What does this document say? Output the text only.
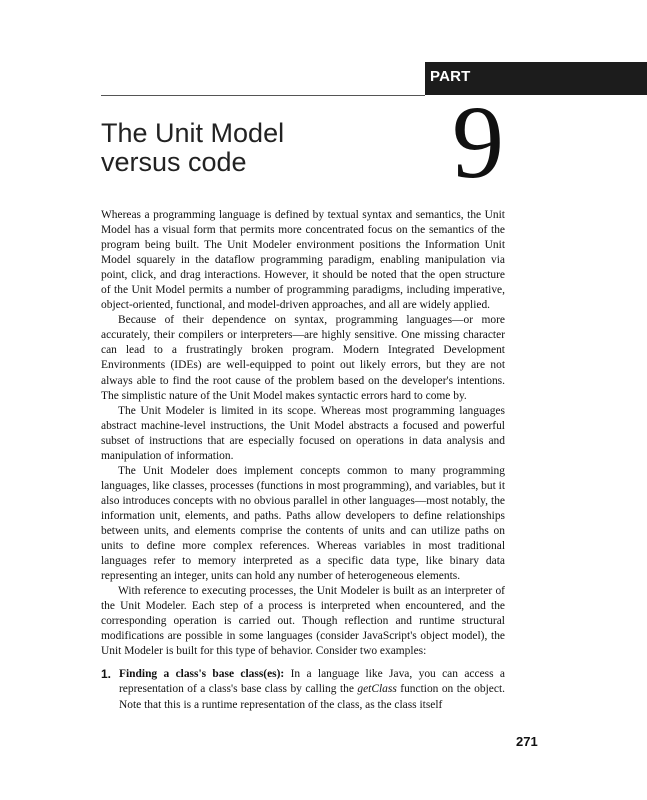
PART
The Unit Model
versus code	9

Whereas a programming language is defined by textual syntax and semantics, the Unit Model has a visual form that permits more concentrated focus on the semantics of the program being built. The Unit Modeler environment positions the Information Unit Model squarely in the dataflow programming paradigm, enabling manipulation via point, click, and drag interactions. However, it should be noted that the open structure of the Unit Model permits a number of programming paradigms, including imperative, object-oriented, functional, and model-driven approaches, and all are widely applied.

Because of their dependence on syntax, programming languages—or more accurately, their compilers or interpreters—are highly sensitive. One missing character can lead to a frustratingly broken program. Modern Integrated Development Environments (IDEs) are well-equipped to point out likely errors, but they are not always able to find the root cause of the problem based on the developer's intentions. The simplistic nature of the Unit Model makes syntactic errors hard to come by.

The Unit Modeler is limited in its scope. Whereas most programming languages abstract machine-level instructions, the Unit Model abstracts a focused and powerful subset of instructions that are especially focused on operations in data analysis and manipulation of information.

The Unit Modeler does implement concepts common to many programming languages, like classes, processes (functions in most programming), and variables, but it also introduces concepts with no obvious parallel in other languages—most notably, the information unit, elements, and paths. Paths allow developers to define relationships between units, and elements comprise the contents of units and can utilize paths on units to define more complex references. Whereas variables in most traditional languages refer to memory interpreted as a specific data type, like binary data representing an integer, units can hold any number of heterogeneous elements.

With reference to executing processes, the Unit Modeler is built as an interpreter of the Unit Modeler. Each step of a process is interpreted when encountered, and the corresponding operation is carried out. Though reflection and runtime structural modifications are possible in some languages (consider JavaScript's object model), the Unit Modeler is built for this type of behavior. Consider two examples:

1. Finding a class's base class(es): In a language like Java, you can access a representation of a class's base class by calling the getClass function on the object. Note that this is a runtime representation of the class, as the class itself

271
